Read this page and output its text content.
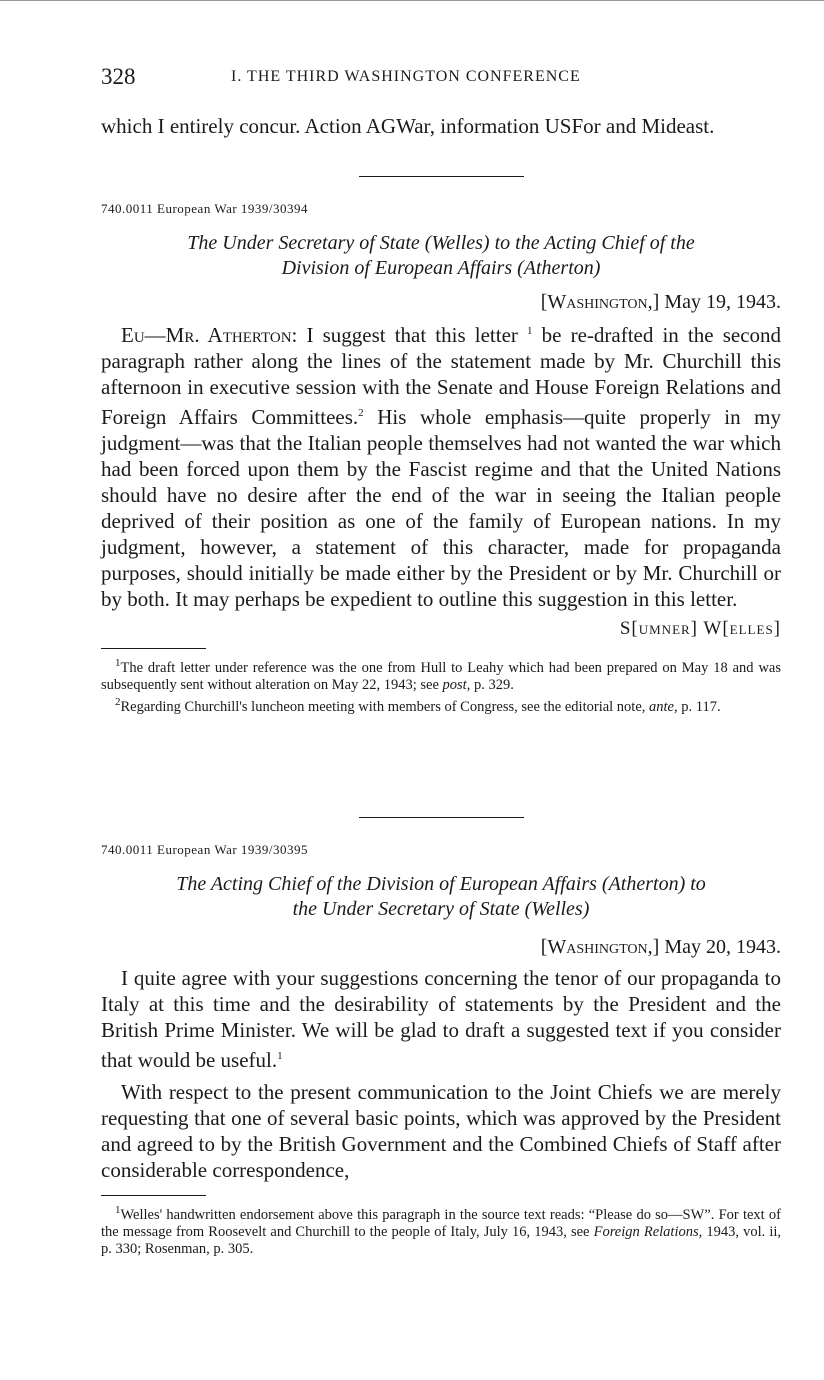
328	I. THE THIRD WASHINGTON CONFERENCE

which I entirely concur. Action AGWar, information USFor and Mideast.

740.0011 European War 1939/30394

The Under Secretary of State (Welles) to the Acting Chief of the
Division of European Affairs (Atherton)

[Washington,] May 19, 1943.

Eu—Mr. Atherton: I suggest that this letter $^1$ be re-drafted in the second paragraph rather along the lines of the statement made by Mr. Churchill this afternoon in executive session with the Senate and House Foreign Relations and Foreign Affairs Committees.$^2$ His whole emphasis—quite properly in my judgment—was that the Italian people themselves had not wanted the war which had been forced upon them by the Fascist regime and that the United Nations should have no desire after the end of the war in seeing the Italian people deprived of their position as one of the family of European nations. In my judgment, however, a statement of this character, made for propaganda purposes, should initially be made either by the President or by Mr. Churchill or by both. It may perhaps be expedient to outline this suggestion in this letter.

S[umner] W[elles]

$^1$The draft letter under reference was the one from Hull to Leahy which had been prepared on May 18 and was subsequently sent without alteration on May 22, 1943; see post, p. 329.

$^2$Regarding Churchill's luncheon meeting with members of Congress, see the editorial note, ante, p. 117.

740.0011 European War 1939/30395

The Acting Chief of the Division of European Affairs (Atherton) to
the Under Secretary of State (Welles)

[Washington,] May 20, 1943.

I quite agree with your suggestions concerning the tenor of our propaganda to Italy at this time and the desirability of statements by the President and the British Prime Minister. We will be glad to draft a suggested text if you consider that would be useful.$^1$

With respect to the present communication to the Joint Chiefs we are merely requesting that one of several basic points, which was approved by the President and agreed to by the British Government and the Combined Chiefs of Staff after considerable correspondence,

$^1$Welles' handwritten endorsement above this paragraph in the source text reads: “Please do so—SW”. For text of the message from Roosevelt and Churchill to the people of Italy, July 16, 1943, see Foreign Relations, 1943, vol. ii, p. 330; Rosenman, p. 305.
